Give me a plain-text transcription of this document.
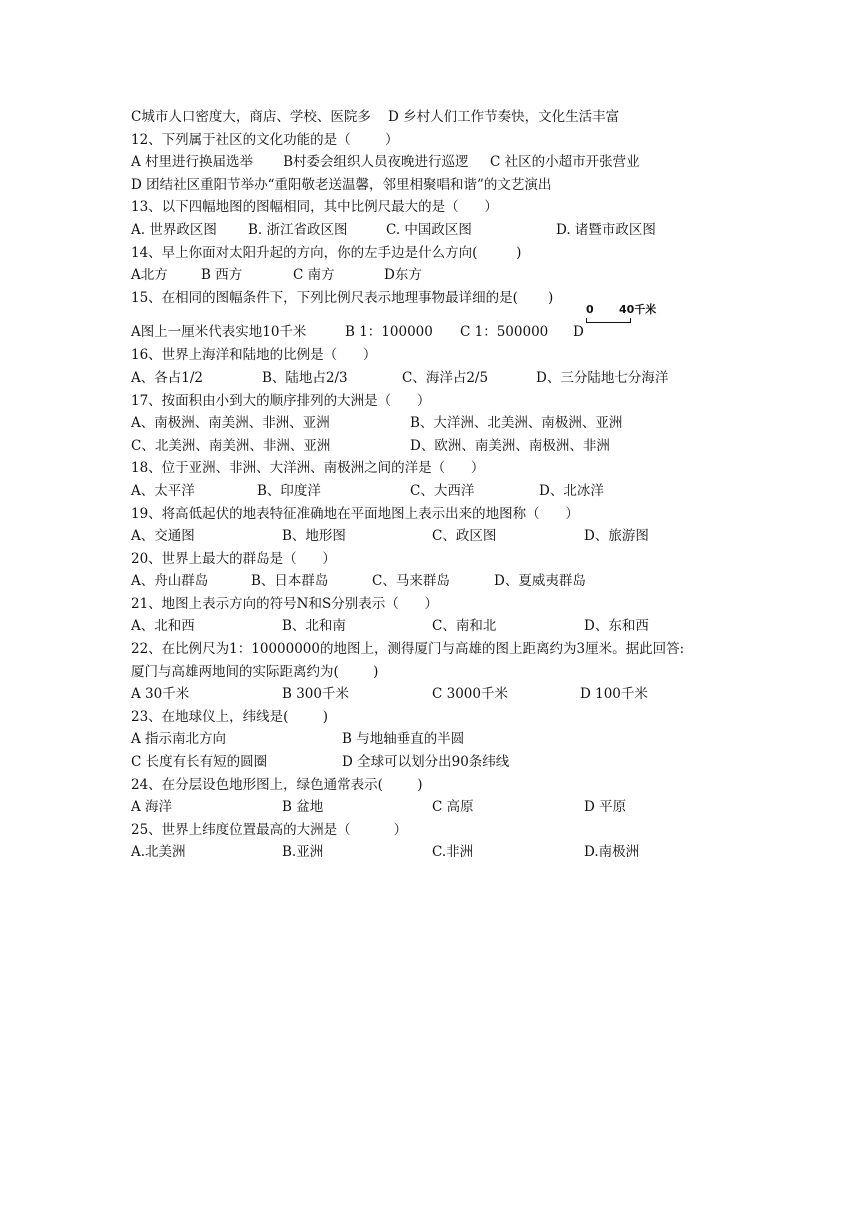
C城市人口密度大，商店、学校、医院多    D 乡村人们工作节奏快，文化生活丰富
12、下列属于社区的文化功能的是（        ）
A 村里进行换届选举       B村委会组织人员夜晚进行巡逻     C 社区的小超市开张营业
D 团结社区重阳节举办“重阳敬老送温馨，邻里相聚唱和谐”的文艺演出
13、以下四幅地图的图幅相同，其中比例尺最大的是（      ）

A. 世界政区图

B. 浙江省政区图

	C. 中国政区图

	D. 诸暨市政区图

14、早上你面对太阳升起的方向，你的左手边是什么方向(         )

A北方

B 西方

	C 南方

	D东方

15、在相同的图幅条件下，下列比例尺表示地理事物最详细的是(       )

A图上一厘米代表实地10千米

	B 1：100000

C 1：500000

D

0

40千米

16、世界上海洋和陆地的比例是（      ）

A、各占1/2

	B、陆地占2/3

	C、海洋占2/5

	D、三分陆地七分海洋

17、按面积由小到大的顺序排列的大洲是（      ）

A、南极洲、南美洲、非洲、亚洲

	B、大洋洲、北美洲、南极洲、亚洲

C、北美洲、南美洲、非洲、亚洲

	D、欧洲、南美洲、南极洲、非洲

18、位于亚洲、非洲、大洋洲、南极洲之间的洋是（      ）

A、太平洋

	B、印度洋

	C、大西洋

	D、北冰洋

19、将高低起伏的地表特征准确地在平面地图上表示出来的地图称（      ）

A、交通图

	B、地形图

	C、政区图

	D、旅游图

20、世界上最大的群岛是（      ）

A、舟山群岛

	B、日本群岛

	C、马来群岛

	D、夏威夷群岛

21、地图上表示方向的符号N和S分别表示（      ）

A、北和西

	B、北和南

	C、南和北

	D、东和西

22、在比例尺为1：10000000的地图上，测得厦门与高雄的图上距离约为3厘米。据此回答:
厦门与高雄两地间的实际距离约为(        )

A 30千米

	B 300千米

	C 3000千米

	D 100千米

23、在地球仪上，纬线是(        )

A 指示南北方向

	B 与地轴垂直的半圆

C 长度有长有短的圆圈

	D 全球可以划分出90条纬线

24、在分层设色地形图上，绿色通常表示(        )

A 海洋

	B 盆地

	C 高原

	D 平原

25、世界上纬度位置最高的大洲是（          ）

A.北美洲

	B.亚洲

	C.非洲

	D.南极洲
